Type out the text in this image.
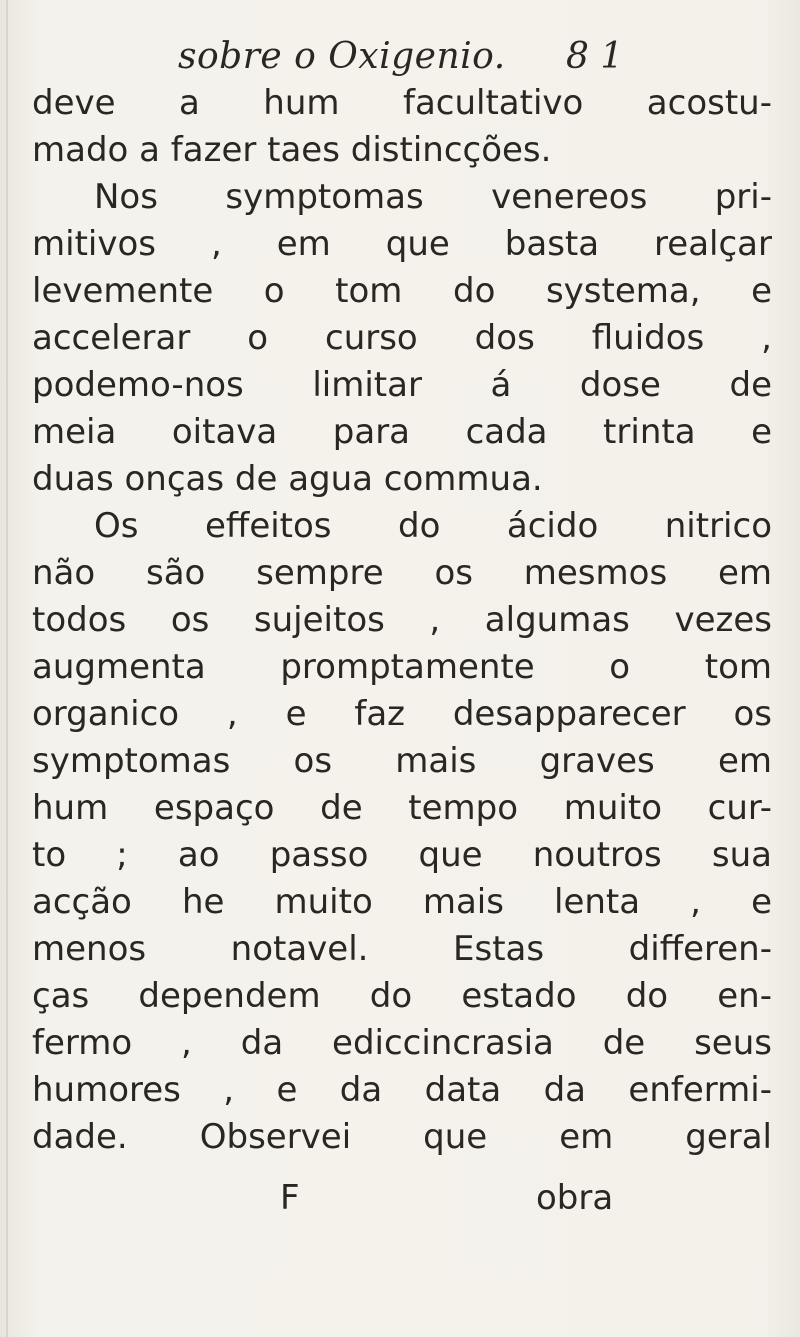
sobre o Oxigenio. 8 1
deve a hum facultativo acostu-
mado a fazer taes distincções.
Nos symptomas venereos pri-
mitivos , em que basta realçar
levemente o tom do systema, e
accelerar o curso dos fluidos ,
podemo-nos limitar á dose de
meia oitava para cada trinta e
duas onças de agua commua.
Os effeitos do ácido nitrico
não são sempre os mesmos em
todos os sujeitos , algumas vezes
augmenta promptamente o tom
organico , e faz desapparecer os
symptomas os mais graves em
hum espaço de tempo muito cur-
to ; ao passo que noutros sua
acção he muito mais lenta , e
menos notavel. Estas differen-
ças dependem do estado do en-
fermo , da ediccincrasia de seus
humores , e da data da enfermi-
dade. Observei que em geral
F	obra
